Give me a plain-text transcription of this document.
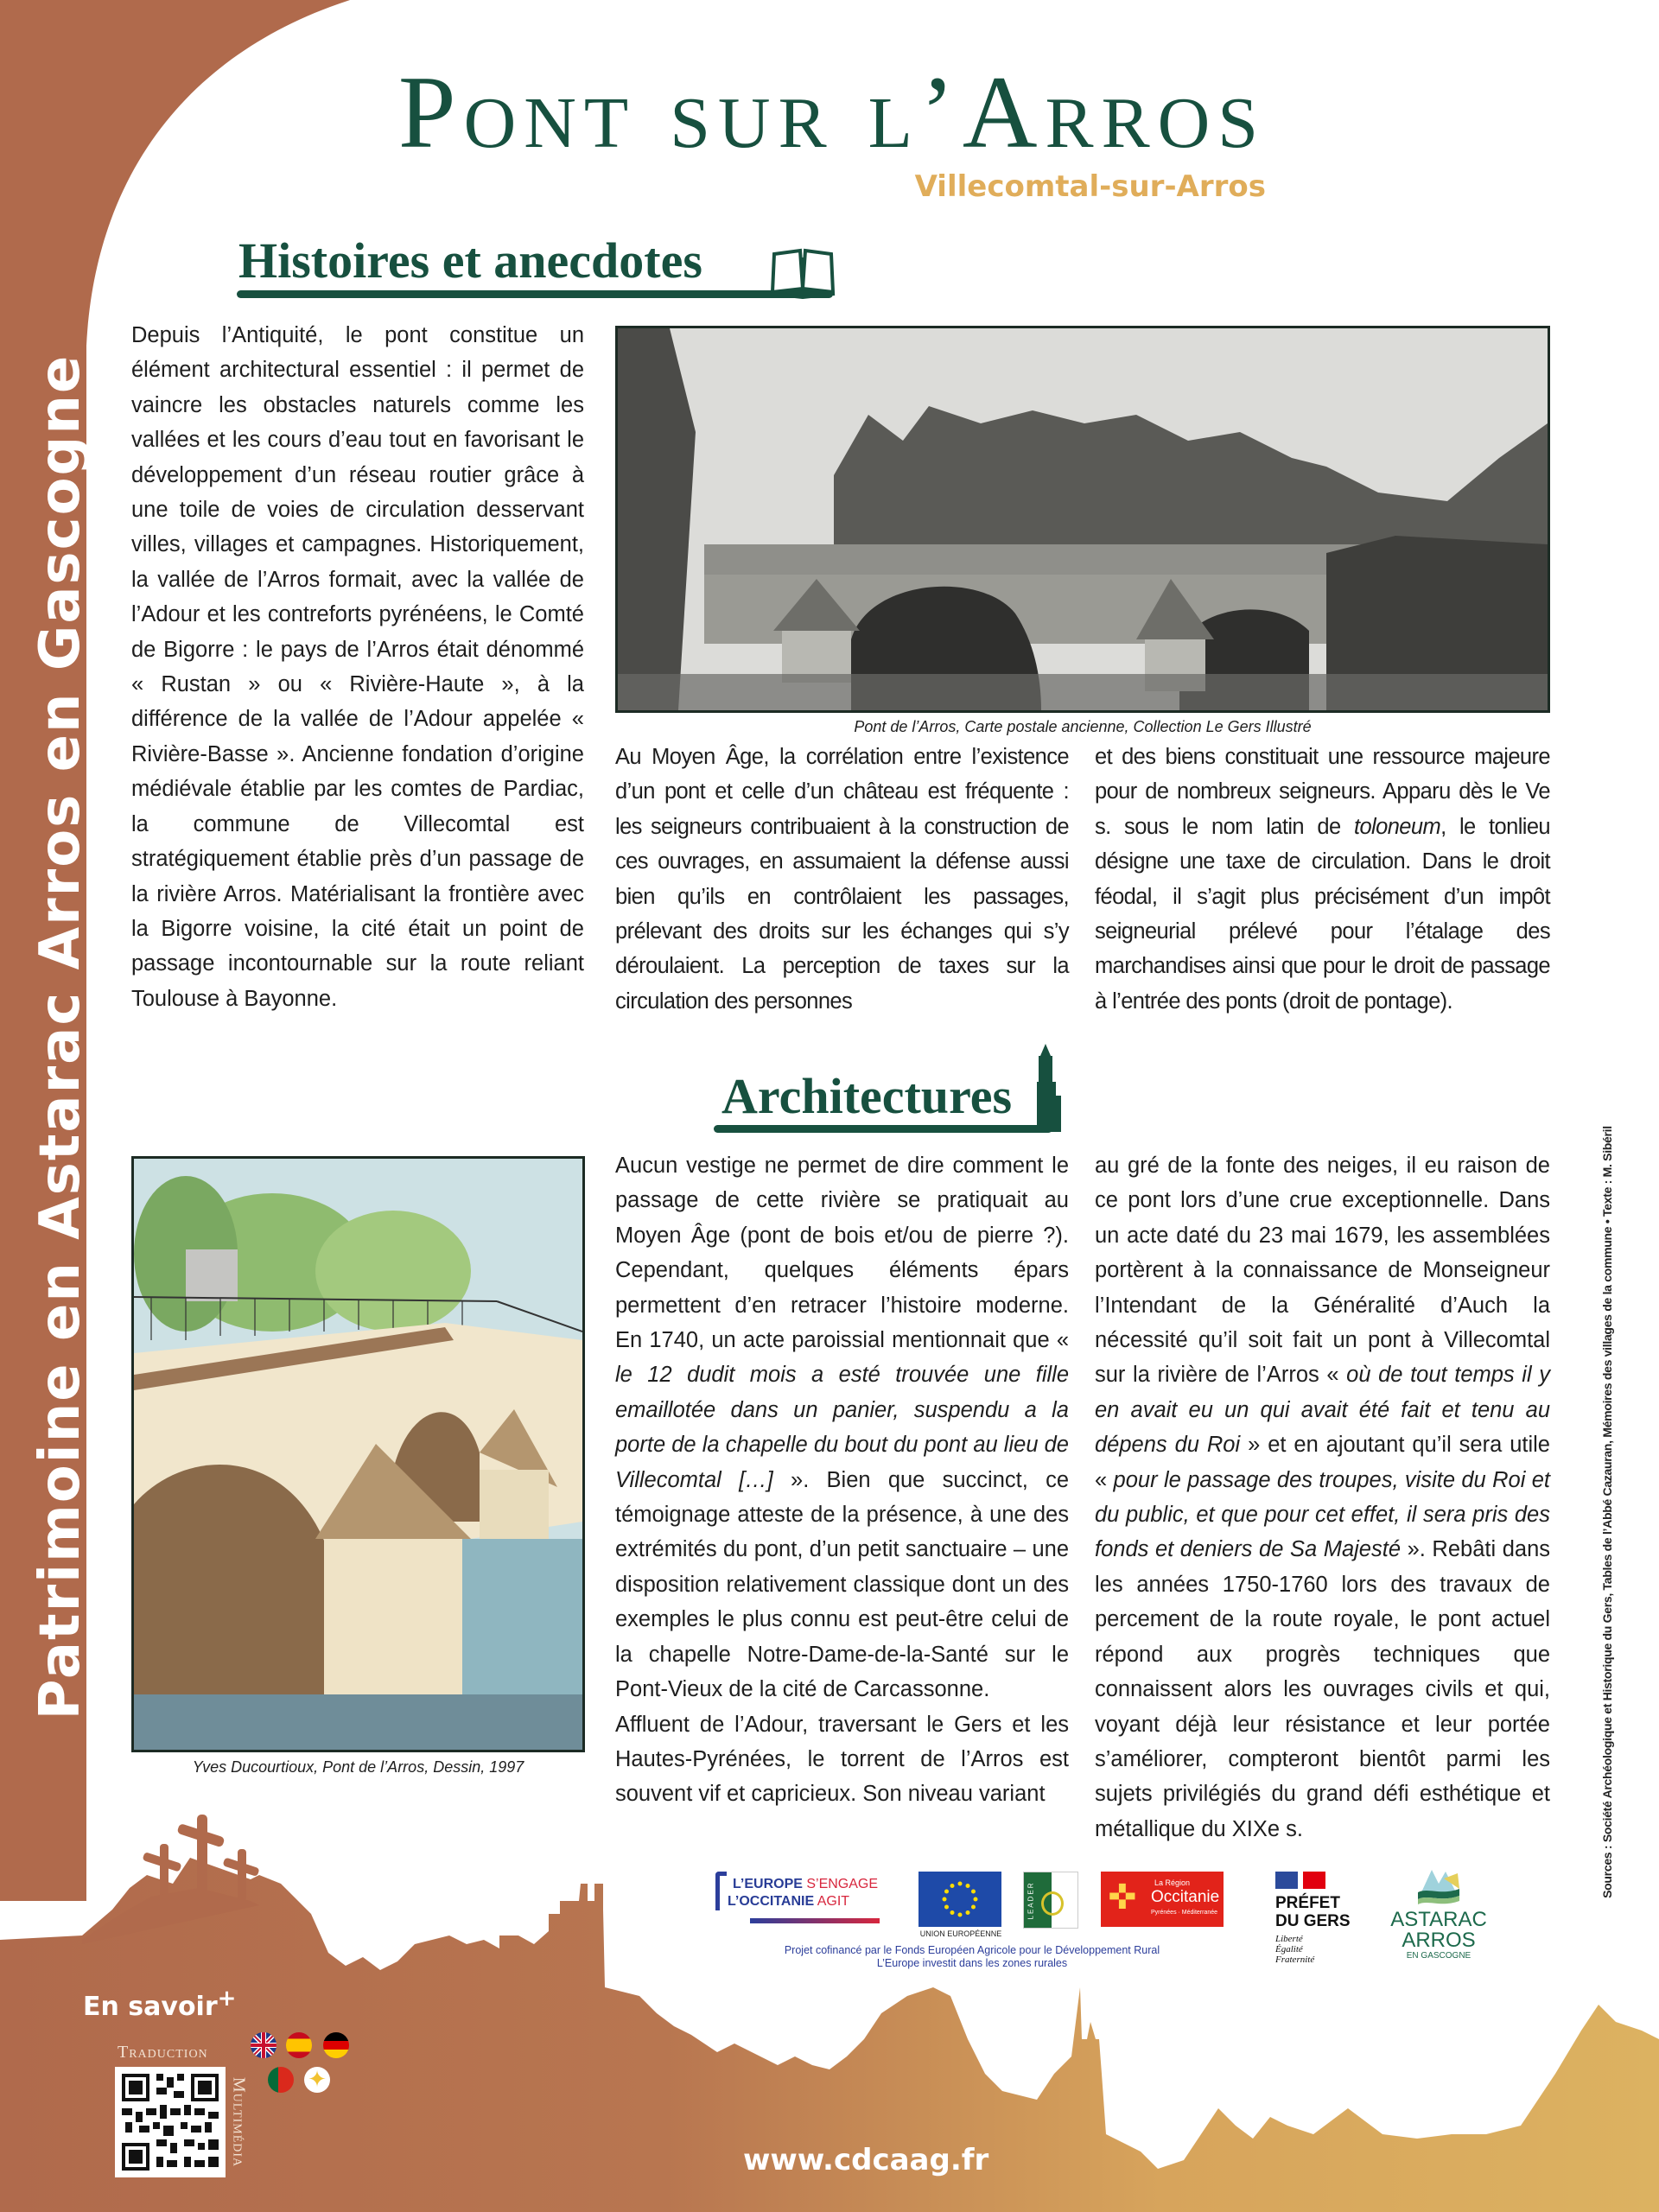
Patrimoine en Astarac Arros en Gascogne
Pont sur l’Arros
Villecomtal-sur-Arros
Histoires et anecdotes

Depuis l’Antiquité, le pont constitue un élément architectural essentiel : il permet de vaincre les obstacles naturels comme les vallées et les cours d’eau tout en favorisant le développement d’un réseau routier grâce à une toile de voies de circulation desservant villes, villages et campagnes. Historiquement, la vallée de l’Arros formait, avec la vallée de l’Adour et les contreforts pyrénéens, le Comté de Bigorre : le pays de l’Arros était dénommé « Rustan » ou « Rivière-Haute », à la différence de la vallée de l’Adour appelée « Rivière-Basse ». Ancienne fondation d’origine médiévale établie par les comtes de Pardiac, la commune de Villecomtal est stratégiquement établie près d’un passage de la rivière Arros. Matérialisant la frontière avec la Bigorre voisine, la cité était un point de passage incontournable sur la route reliant Toulouse à Bayonne.

Pont de l’Arros, Carte postale ancienne, Collection Le Gers Illustré

Au Moyen Âge, la corrélation entre l’existence d’un pont et celle d’un château est fréquente : les seigneurs contribuaient à la construction de ces ouvrages, en assumaient la défense aussi bien qu’ils en contrôlaient les passages, prélevant des droits sur les échanges qui s’y déroulaient. La perception de taxes sur la circulation des personnes

et des biens constituait une ressource majeure pour de nombreux seigneurs. Apparu dès le Ve s. sous le nom latin de toloneum, le tonlieu désigne une taxe de circulation. Dans le droit féodal, il s’agit plus précisément d’un impôt seigneurial prélevé pour l’étalage des marchandises ainsi que pour le droit de passage à l’entrée des ponts (droit de pontage).

Architectures
Yves Ducourtioux, Pont de l’Arros, Dessin, 1997

Aucun vestige ne permet de dire comment le passage de cette rivière se pratiquait au Moyen Âge (pont de bois et/ou de pierre ?). Cependant, quelques éléments épars permettent d’en retracer l’histoire moderne. En 1740, un acte paroissial mentionnait que « le 12 dudit mois a esté trouvée une fille emaillotée dans un panier, suspendu a la porte de la chapelle du bout du pont au lieu de Villecomtal […] ». Bien que succinct, ce témoignage atteste de la présence, à une des extrémités du pont, d’un petit sanctuaire – une disposition relativement classique dont un des exemples le plus connu est peut-être celui de la chapelle Notre-Dame-de-la-Santé sur le Pont-Vieux de la cité de Carcassonne.

Affluent de l’Adour, traversant le Gers et les Hautes-Pyrénées, le torrent de l’Arros est souvent vif et capricieux. Son niveau variant

au gré de la fonte des neiges, il eu raison de ce pont lors d’une crue exceptionnelle. Dans un acte daté du 23 mai 1679, les assemblées portèrent à la connaissance de Monseigneur l’Intendant de la Généralité d’Auch la nécessité qu’il soit fait un pont à Villecomtal sur la rivière de l’Arros « où de tout temps il y en avait eu un qui avait été fait et tenu au dépens du Roi » et en ajoutant qu’il sera utile « pour le passage des troupes, visite du Roi et du public, et que pour cet effet, il sera pris des fonds et deniers de Sa Majesté ». Rebâti dans les années 1750-1760 lors des travaux de percement de la route royale, le pont actuel répond aux progrès techniques que connaissent alors les ouvrages civils et qui, voyant déjà leur résistance et leur portée s’améliorer, compteront bientôt parmi les sujets privilégiés du grand défi esthétique et métallique du XIXe s.	Sources : Société Archéologique et Historique du Gers, Tables de l’Abbé Cazauran, Mémoires des villages de la commune • Texte : M. Sibéril
L’EUROPE S’ENGAGE
L’OCCITANIE AGIT
UNION EUROPÉENNE
LEADER ✜ La Région
Occitanie
Pyrénées · Méditerranée
Projet cofinancé par le Fonds Européen Agricole pour le Développement Rural
L’Europe investit dans les zones rurales
PRÉFET
DU GERS
Liberté
Égalité
Fraternité
ASTARAC
ARROS
EN GASCOGNE
En savoir+
Traduction
Multimédia	✦
www.cdcaag.fr
